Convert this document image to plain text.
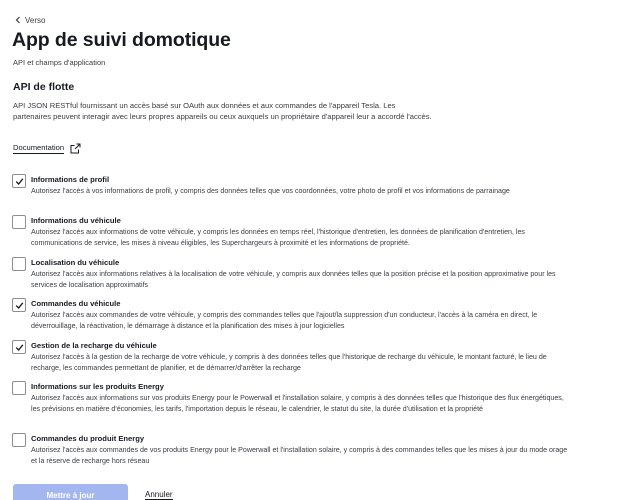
Verso
App de suivi domotique
API et champs d'application
API de flotte

API JSON RESTful fournissant un accès basé sur OAuth aux données et aux commandes de l'appareil Tesla. Les partenaires peuvent interagir avec leurs propres appareils ou ceux auxquels un propriétaire d'appareil leur a accordé l'accès.

Documentation
Informations de profil
Autorisez l'accès à vos informations de profil, y compris des données telles que vos coordonnées, votre photo de profil et vos informations de parrainage
Informations du véhicule
Autorisez l'accès aux informations de votre véhicule, y compris les données en temps réel, l'historique d'entretien, les données de planification d'entretien, les communications de service, les mises à niveau éligibles, les Superchargeurs à proximité et les informations de propriété.
Localisation du véhicule
Autorisez l'accès aux informations relatives à la localisation de votre véhicule, y compris aux données telles que la position précise et la position approximative pour les services de localisation approximatifs
Commandes du véhicule
Autorisez l'accès aux commandes de votre véhicule, y compris des commandes telles que l'ajout/la suppression d'un conducteur, l'accès à la caméra en direct, le déverrouillage, la réactivation, le démarrage à distance et la planification des mises à jour logicielles
Gestion de la recharge du véhicule
Autorisez l'accès à la gestion de la recharge de votre véhicule, y compris à des données telles que l'historique de recharge du véhicule, le montant facturé, le lieu de recharge, les commandes permettant de planifier, et de démarrer/d'arrêter la recharge
Informations sur les produits Energy
Autorisez l'accès aux informations sur vos produits Energy pour le Powerwall et l'installation solaire, y compris à des données telles que l'historique des flux énergétiques, les prévisions en matière d'économies, les tarifs, l'importation depuis le réseau, le calendrier, le statut du site, la durée d'utilisation et la propriété
Commandes du produit Energy
Autorisez l'accès aux commandes de vos produits Energy pour le Powerwall et l'installation solaire, y compris à des commandes telles que les mises à jour du mode orage et la réserve de recharge hors réseau
Mettre à jour	Annuler
